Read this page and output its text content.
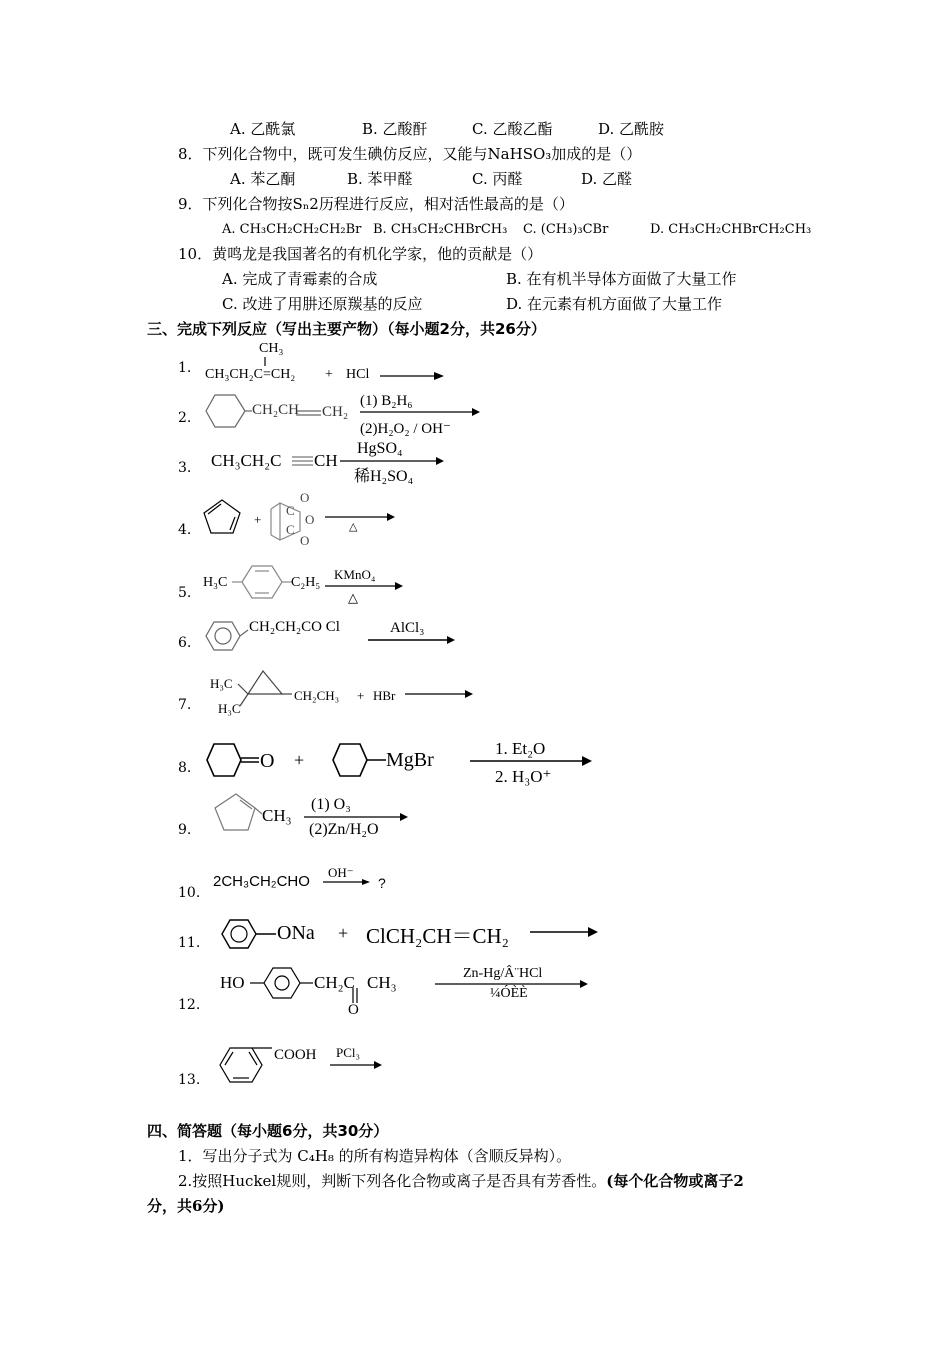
A. 乙酰氯	B. 乙酸酐	C. 乙酸乙酯	D. 乙酰胺
8．下列化合物中，既可发生碘仿反应，又能与NaHSO₃加成的是（）
A. 苯乙酮	B. 苯甲醛	C. 丙醛	D. 乙醛
9．下列化合物按Sₙ2历程进行反应，相对活性最高的是（）
A. CH₃CH₂CH₂CH₂Br B. CH₃CH₂CHBrCH₃ C. (CH₃)₃CBr	D. CH₃CH₂CHBrCH₂CH₃
10．黄鸣龙是我国著名的有机化学家，他的贡献是（）
A. 完成了青霉素的合成	B. 在有机半导体方面做了大量工作
C. 改进了用肼还原羰基的反应	D. 在元素有机方面做了大量工作
三、完成下列反应（写出主要产物）（每小题2分，共26分）
1.
2.
3.
4.
5.
6.
7.
8.
9.
10.
11.
12.
13.
CH₃
CH₃CH₂C=CH₂ + HCl
CH₂CH CH₂
(1) B₂H₆
(2)H₂O₂ / OH⁻
CH₃CH₂C CH
HgSO₄
稀H₂SO₄
+
O
C
O
C
O
△
H₃C	C₂H₅
KMnO₄
△
CH₂CH₂CO Cl	AlCl₃
H₃C
H₃C
CH₂CH₃ + HBr
O +	MgBr
1. Et₂O
2. H₃O⁺
CH₃
(1) O₃
(2)Zn/H₂O
2CH₃CH₂CHO
OH⁻
?
ONa + ClCH₂CH＝CH₂
HO	CH₂C CH₃
O
Zn-Hg/Â¨HCl
¼ÓÈÈ
COOH PCl₃
四、简答题（每小题6分，共30分）
1．写出分子式为 C₄H₈ 的所有构造异构体（含顺反异构）。
2.按照Huckel规则，判断下列各化合物或离子是否具有芳香性。(每个化合物或离子2
分，共6分)
